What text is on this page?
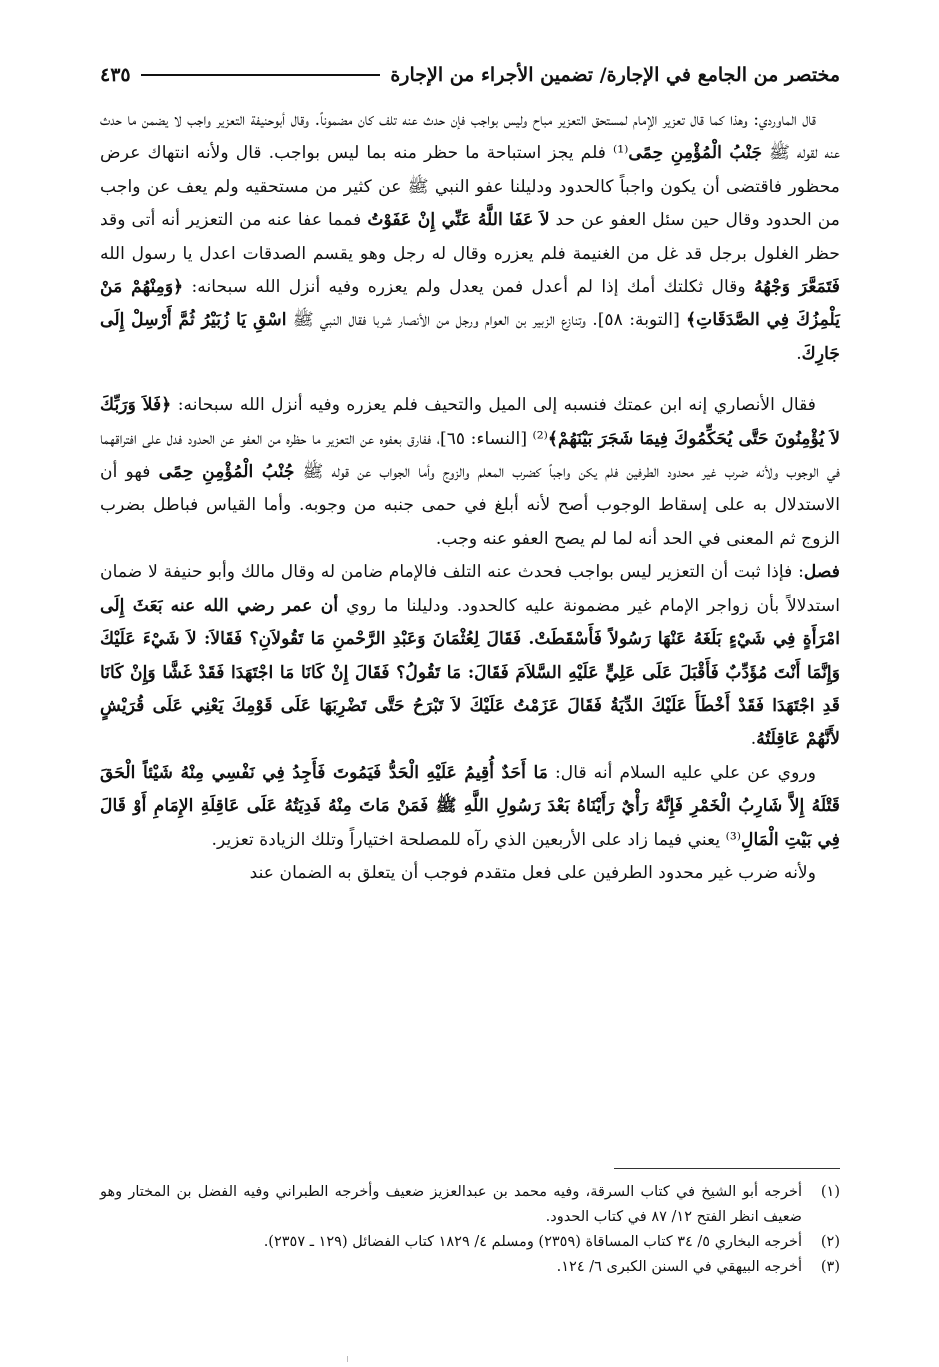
مختصر من الجامع في الإجارة/ تضمين الأجراء من الإجارة
٤٣٥

قال الماوردي: وهذا كما قال تعزير الإمام لمستحق التعزير مباح وليس بواجب فإن حدث عنه تلف كان مضموناً. وقال أبوحنيفة التعزير واجب لا يضمن ما حدث عنه لقوله ﷺ جَنْبُ الْمُؤْمِنِ حِمًى⁽¹⁾ فلم يجز استباحة ما حظر منه بما ليس بواجب. قال ولأنه انتهاك عرض محظور فاقتضى أن يكون واجباً كالحدود ودليلنا عفو النبي ﷺ عن كثير من مستحقيه ولم يعف عن واجب من الحدود وقال حين سئل العفو عن حد لاَ عَفَا اللَّهُ عَنِّي إِنْ عَفَوْتُ فمما عفا عنه من التعزير أنه أتى وقد حظر الغلول برجل قد غل من الغنيمة فلم يعزره وقال له رجل وهو يقسم الصدقات اعدل يا رسول الله فَتَمَعَّرَ وَجْهُهُ وقال ثكلتك أمك إذا لم أعدل فمن يعدل ولم يعزره وفيه أنزل الله سبحانه: ﴿وَمِنْهُمْ مَنْ يَلْمِزُكَ فِي الصَّدَقَاتِ﴾ [التوبة: ٥٨]. وتنازع الزبير بن العوام ورجل من الأنصار شربا فقال النبي ﷺ اسْقِ يَا زُبَيْرُ ثُمَّ أَرْسِلْ إِلَى جَارِكَ.

فقال الأنصاري إنه ابن عمتك فنسبه إلى الميل والتحيف فلم يعزره وفيه أنزل الله سبحانه: ﴿فَلاَ وَرَبِّكَ لاَ يُؤْمِنُونَ حَتَّى يُحَكِّمُوكَ فِيمَا شَجَرَ بَيْنَهُمْ﴾⁽²⁾ [النساء: ٦٥]، ففارق بعفوه عن التعزير ما حظره من العفو عن الحدود فدل على افتراقهما في الوجوب ولأنه ضرب غير محدود الطرفين فلم يكن واجباً كضرب المعلم والزوج وأما الجواب عن قوله ﷺ جُنْبُ الْمُؤْمِنِ حِمًى فهو أن الاستدلال به على إسقاط الوجوب أصح لأنه أبلغ في حمى جنبه من وجوبه. وأما القياس فباطل بضرب الزوج ثم المعنى في الحد أنه لما لم يصح العفو عنه وجب.

فصل: فإذا ثبت أن التعزير ليس بواجب فحدث عنه التلف فالإمام ضامن له وقال مالك وأبو حنيفة لا ضمان استدلالاً بأن زواجر الإمام غير مضمونة عليه كالحدود. ودليلنا ما روي أن عمر رضي الله عنه بَعَثَ إِلَى امْرَأَةٍ فِي شَيْءٍ بَلَغَهُ عَنْهَا رَسُولاً فَأَسْقَطَتْ. فَقَالَ لِعُثْمَانَ وَعَبْدِ الرَّحْمنِ مَا تَقُولاَنِ؟ فَقَالاَ: لاَ شَيْءَ عَلَيْكَ وَإِنَّمَا أَنْتَ مُؤَدِّبٌ فَأَقْبَلَ عَلَى عَلِيٍّ عَلَيْهِ السَّلاَمَ فَقَالَ: مَا تَقُولُ؟ فَقَالَ إِنْ كَانَا مَا اجْتَهَدَا فَقَدْ غَشَّا وَإِنْ كَانَا قَدِ اجْتَهَدَا فَقَدْ أَخْطَأَ عَلَيْكَ الدِّيَةُ فَقَالَ عَزَمْتُ عَلَيْكَ لاَ تَبْرَحُ حَتَّى تَضْرِبَهَا عَلَى قَوْمِكَ يَعْنِي عَلَى قُرَيْشٍ لأَنَّهُمْ عَاقِلَتُهُ.

وروي عن علي عليه السلام أنه قال: مَا أَحَدٌ أُقِيمُ عَلَيْهِ الْحَدُّ فَيَمُوتَ فَأَجِدُ فِي نَفْسِي مِنْهُ شَيْئاً الْحَقَ قَتْلَهُ إِلاَّ شَارِبُ الْخَمْرِ فَإِنَّهُ رَأْيٌ رَأَيْنَاهُ بَعْدَ رَسُولِ اللَّهِ ﷺ فَمَنْ مَاتَ مِنْهُ فَدِيَتُهُ عَلَى عَاقِلَةِ الإِمَامِ أَوْ قَالَ فِي بَيْتِ الْمَالِ⁽³⁾ يعني فيما زاد على الأربعين الذي رآه للمصلحة اختياراً وتلك الزيادة تعزير.

ولأنه ضرب غير محدود الطرفين على فعل متقدم فوجب أن يتعلق به الضمان عند

(١)
أخرجه أبو الشيخ في كتاب السرقة، وفيه محمد بن عبدالعزيز ضعيف وأخرجه الطبراني وفيه الفضل بن المختار وهو ضعيف انظر الفتح ١٢/ ٨٧ في كتاب الحدود.

(٢)
أخرجه البخاري ٥/ ٣٤ كتاب المساقاة (٢٣٥٩) ومسلم ٤/ ١٨٢٩ كتاب الفضائل (١٢٩ ـ ٢٣٥٧).

(٣)
أخرجه البيهقي في السنن الكبرى ٦/ ١٢٤.
